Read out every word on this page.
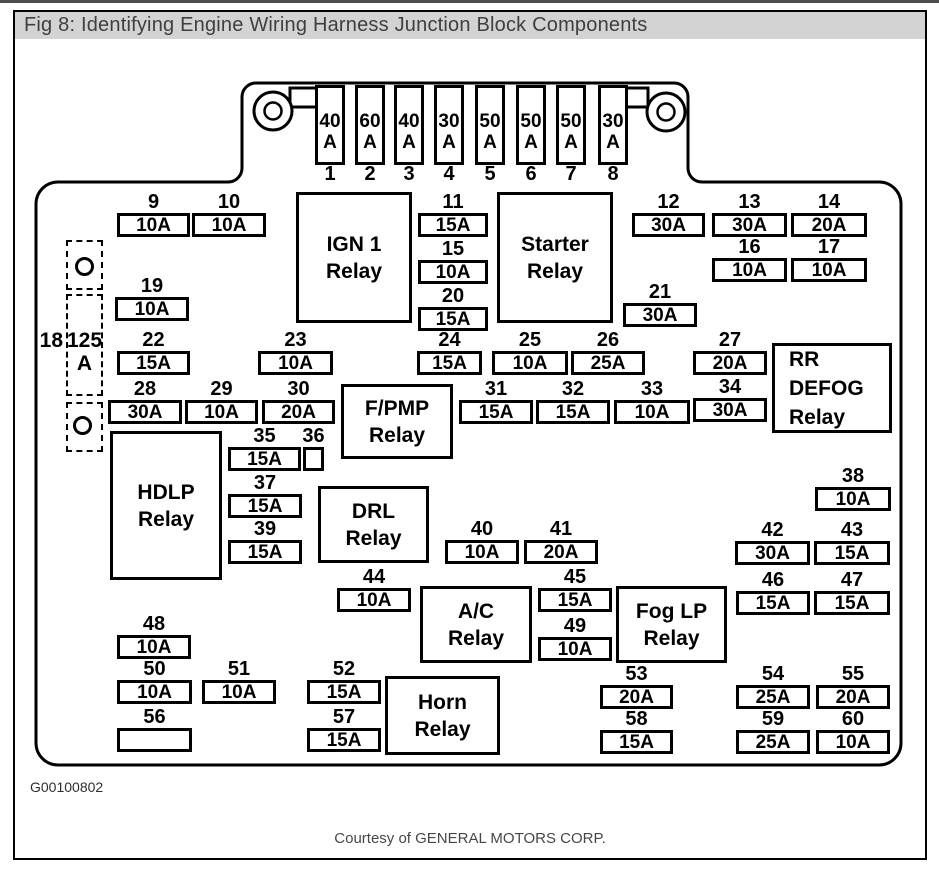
Fig 8: Identifying Engine Wiring Harness Junction Block Components
18 125
A
40
A
1
60
A
2
40
A
3
30
A
4
50
A
5
50
A
6
50
A
7
30
A
8
10A
9
10A
10
15A
11
30A
12
30A
13
20A
14
10A
15
10A
16
10A
17
10A
19
15A
20
30A
21
15A
22
10A
23
15A
24
10A
25
25A
26
20A
27
30A
28
10A
29
20A
30
15A
31
15A
32
10A
33
30A
34
15A
35	36
15A
37
10A
38
15A
39
10A
40
20A
41
30A
42
15A
43
10A
44
15A
45
15A
46
15A
47
10A
48
10A
49
10A
50
10A
51
15A
52
20A
53
25A
54
20A
55
56
15A
57
15A
58
25A
59
10A
60
IGN 1
Relay
Starter
Relay
RR
DEFOG
Relay
F/PMP
Relay
HDLP
Relay	DRL
Relay
A/C
Relay
Fog LP
Relay
Horn
Relay
G00100802
Courtesy of GENERAL MOTORS CORP.
